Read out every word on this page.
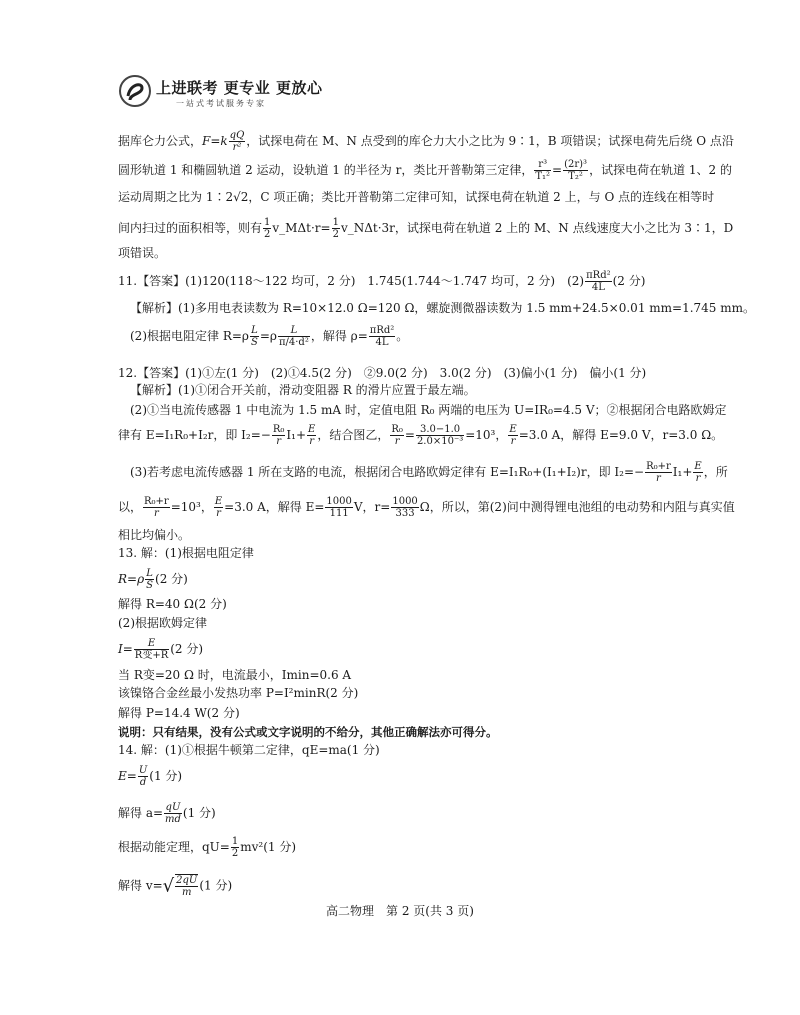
上进联考 更专业 更放心
一站式考试服务专家
据库仑力公式，$F=k \frac{qQ}{\text{r²}}$ ，试探电荷在 M、N 点受到的库仑力大小之比为 9∶1，B 项错误；试探电荷先后绕 O 点沿
圆形轨道 1 和椭圆轨道 2 运动，设轨道 1 的半径为 r，类比开普勒第三定律， $\frac{\text{r³}}{\text{T₁²}} = \frac{\text{(2r)³}}{\text{T₂²}}$ ，试探电荷在轨道 1、2 的
运动周期之比为 1∶2√2，C 项正确；类比开普勒第二定律可知，试探电荷在轨道 2 上，与 O 点的连线在相等时
间内扫过的面积相等，则有 $\frac{1}{2}$ v_MΔt·r= $\frac{1}{2}$ v_NΔt·3r，试探电荷在轨道 2 上的 M、N 点线速度大小之比为 3∶1，D
项错误。
11.【答案】(1)120(118～122 均可，2 分)　1.745(1.744～1.747 均可，2 分)　$(2) \frac{\text{πRd²}}{4L} (2$ 分)
【解析】(1)多用电表读数为 R=10×12.0 Ω=120 Ω，螺旋测微器读数为 1.5 mm+24.5×0.01 mm=1.745 mm。
(2)根据电阻定律 $R=\rho \frac{L}{S} =\rho \frac{L}{\text{π/4·d²}}$ ，解得 $\rho= \frac{\text{πRd²}}{4L}$ 。
12.【答案】(1)①左(1 分)　(2)①4.5(2 分)　②9.0(2 分)　3.0(2 分)　(3)偏小(1 分)　偏小(1 分)
【解析】(1)①闭合开关前，滑动变阻器 R 的滑片应置于最左端。
(2)①当电流传感器 1 中电流为 1.5 mA 时，定值电阻 R₀ 两端的电压为 U=IR₀=4.5 V；②根据闭合电路欧姆定
律有 E=I₁R₀+I₂r，即 $I_2=- \frac{\text{R₀}}{r} I_1+ \frac{E}{r}$ ，结合图乙， $\frac{\text{R₀}}{r} = \frac{3.0-1.0}{\text{2.0×10⁻³}} =10^3$， $\frac{E}{r} =3.0$ A，解得 E=9.0 V，r=3.0 Ω。
(3)若考虑电流传感器 1 所在支路的电流，根据闭合电路欧姆定律有 E=I₁R₀+(I₁+I₂)r，即 $I_2=- \frac{\text{R₀+r}}{r} I_1+ \frac{E}{r}$ ，所
以， $\frac{\text{R₀+r}}{r} =10^3$， $\frac{E}{r} =3.0$ A，解得 $E= \frac{1000}{111}$ V，$r= \frac{1000}{333}$ Ω，所以，第(2)问中测得锂电池组的电动势和内阻与真实值
相比均偏小。
13. 解：(1)根据电阻定律
$R=\rho \frac{L}{S} (2$ 分)
解得 R=40 Ω(2 分)
(2)根据欧姆定律
$I= \frac{E}{\text{R变+R}} (2$ 分)
当 R变=20 Ω 时，电流最小，Imin=0.6 A
该镍铬合金丝最小发热功率 P=I²minR(2 分)
解得 P=14.4 W(2 分)
说明：只有结果，没有公式或文字说明的不给分，其他正确解法亦可得分。
14. 解：(1)①根据牛顿第二定律，qE=ma(1 分)
$E= \frac{U}{d} (1$ 分)
解得 $a= \frac{qU}{md} (1$ 分)
根据动能定理，$qU= \frac{1}{2} mv^2(1$ 分)
解得 $v=√ \frac{2qU}{m} (1$ 分)
高二物理　第 2 页(共 3 页)
